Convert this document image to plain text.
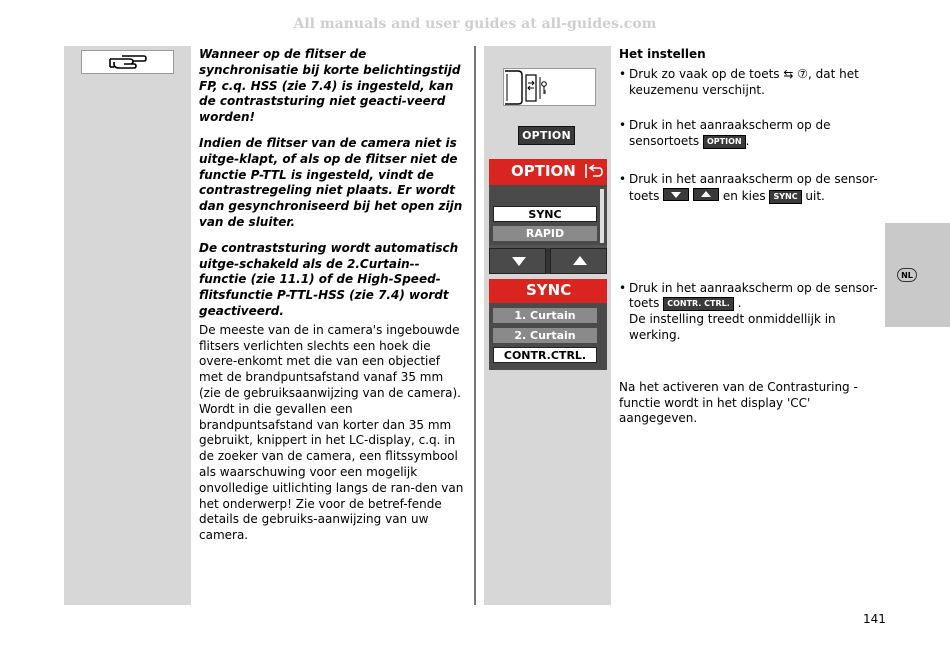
All manuals and user guides at all-guides.com

Wanneer op de flitser de synchronisatie bij korte belichtingstijd FP, c.q. HSS (zie 7.4) is ingesteld, kan de contraststuring niet geacti-veerd worden!

Indien de flitser van de camera niet is uitge-klapt, of als op de flitser niet de functie P-TTL is ingesteld, vindt de contrastregeling niet plaats. Er wordt dan gesynchroniseerd bij het open zijn van de sluiter.

De contraststuring wordt automatisch uitge-schakeld als de 2.Curtain--functie (zie 11.1) of de High-Speed-flitsfunctie P-TTL-HSS (zie 7.4) wordt geactiveerd.

De meeste van de in camera's ingebouwde flitsers verlichten slechts een hoek die overe-enkomt met die van een objectief met de brandpuntsafstand vanaf 35 mm (zie de gebruiksaanwijzing van de camera). Wordt in die gevallen een brandpuntsafstand van korter dan 35 mm gebruikt, knippert in het LC-display, c.q. in de zoeker van de camera, een flitssymbool als waarschuwing voor een mogelijk onvolledige uitlichting langs de ran-den van het onderwerp! Zie voor de betref-fende details de gebruiks-aanwijzing van uw camera.

OPTION
OPTION
SYNC
RAPID
SYNC
1. Curtain
2. Curtain
CONTR.CTRL.
Het instellen
• Druk zo vaak op de toets ⇆ ⑦, dat het keuzemenu verschijnt.
• Druk in het aanraakscherm op de sensortoets OPTION .
• Druk in het aanraakscherm op de sensor-toets	en kies SYNC uit.
• Druk in het aanraakscherm op de sensor-toets CONTR. CTRL. .
De instelling treedt onmiddellijk in werking.
Na het activeren van de Contrasturing - functie wordt in het display 'CC' aangegeven.
NL
141
